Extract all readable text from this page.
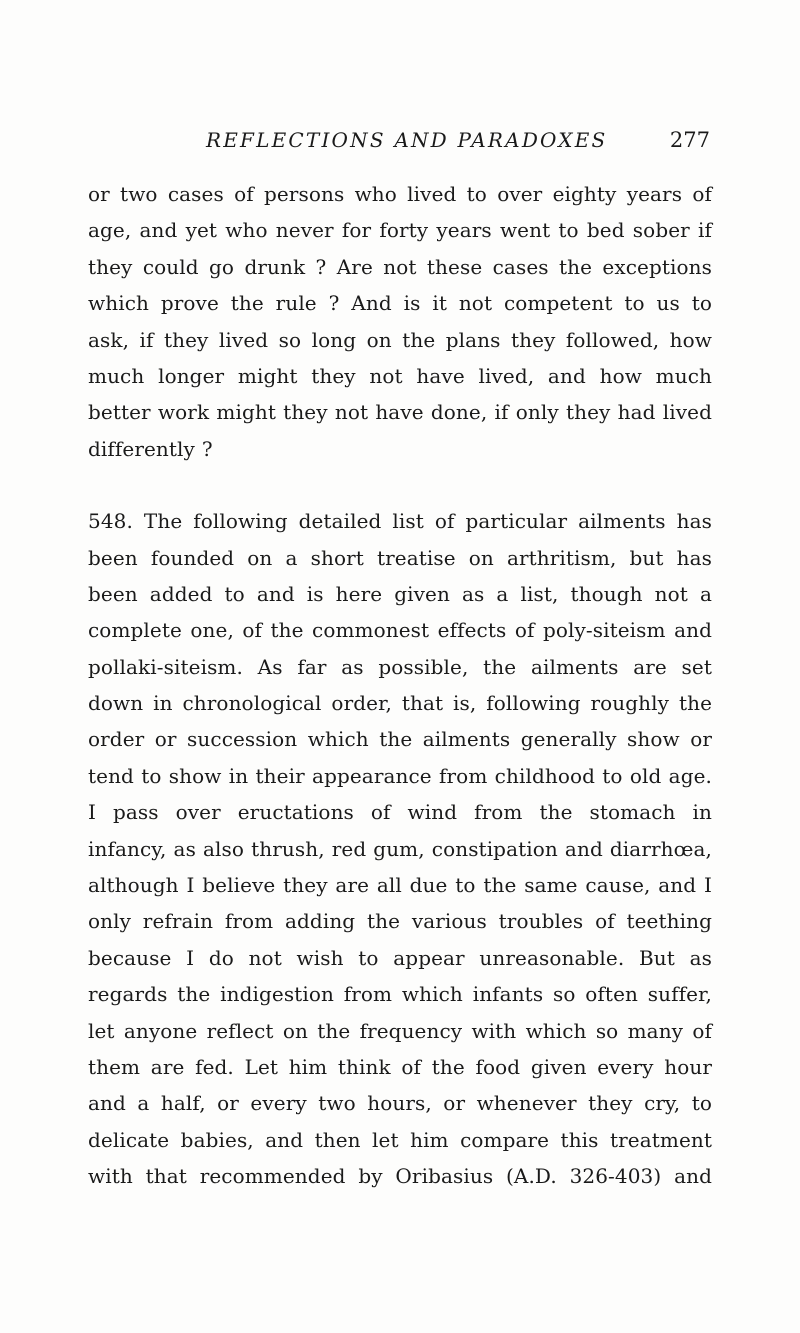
REFLECTIONS AND PARADOXES	277

or two cases of persons who lived to over eighty years of
age, and yet who never for forty years went to bed sober if
they could go drunk ? Are not these cases the exceptions
which prove the rule ? And is it not competent to us to
ask, if they lived so long on the plans they followed, how
much longer might they not have lived, and how much
better work might they not have done, if only they had lived
differently ?

548. The following detailed list of particular ailments has
been founded on a short treatise on arthritism, but has
been added to and is here given as a list, though not a
complete one, of the commonest effects of poly-siteism and
pollaki-siteism. As far as possible, the ailments are set
down in chronological order, that is, following roughly the
order or succession which the ailments generally show or
tend to show in their appearance from childhood to old age.
I pass over eructations of wind from the stomach in
infancy, as also thrush, red gum, constipation and diarrhœa,
although I believe they are all due to the same cause, and I
only refrain from adding the various troubles of teething
because I do not wish to appear unreasonable. But as
regards the indigestion from which infants so often suffer,
let anyone reflect on the frequency with which so many of
them are fed. Let him think of the food given every hour
and a half, or every two hours, or whenever they cry, to
delicate babies, and then let him compare this treatment
with that recommended by Oribasius (A.D. 326-403) and
